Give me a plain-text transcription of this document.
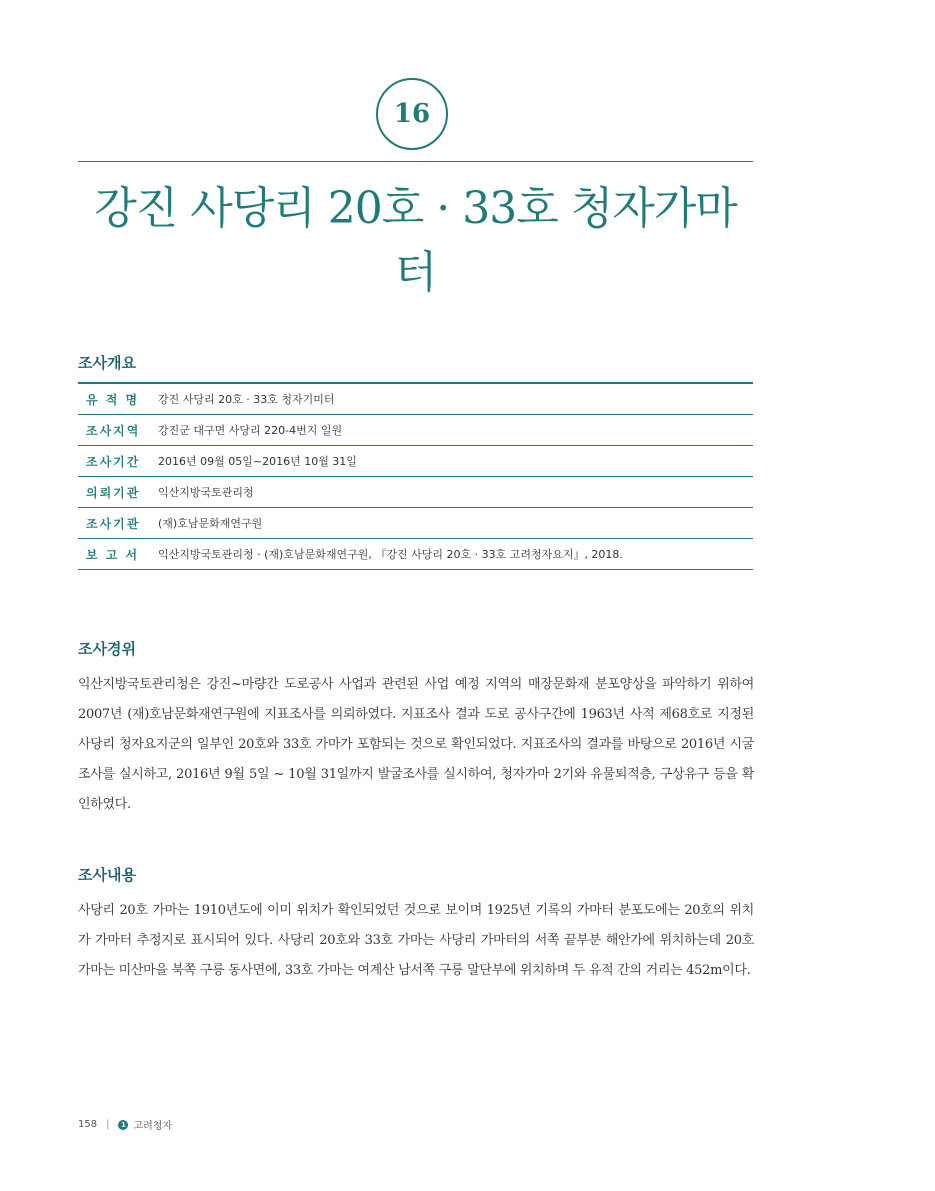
16
강진 사당리 20호 · 33호 청자가마터
조사개요
유 적 명	강진 사당리 20호 · 33호 청자기미터
조사지역	강진군 대구면 사당리 220-4번지 일원
조사기간	2016년 09월 05일~2016년 10월 31일
의뢰기관	익산지방국토관리청
조사기관	(재)호남문화재연구원
보 고 서	익산지방국토관리청 · (재)호남문화재연구원, 『강진 사당리 20호 · 33호 고려청자요지』, 2018.
조사경위
익산지방국토관리청은 강진~마량간 도로공사 사업과 관련된 사업 예정 지역의 매장문화재 분포양상을 파악하기 위하여 2007년 (재)호남문화재연구원에 지표조사를 의뢰하였다. 지표조사 결과 도로 공사구간에 1963년 사적 제68호로 지정된 사당리 청자요지군의 일부인 20호와 33호 가마가 포함되는 것으로 확인되었다. 지표조사의 결과를 바탕으로 2016년 시굴조사를 실시하고, 2016년 9월 5일 ~ 10월 31일까지 발굴조사를 실시하여, 청자가마 2기와 유물퇴적층, 구상유구 등을 확인하였다.
조사내용
사당리 20호 가마는 1910년도에 이미 위치가 확인되었던 것으로 보이며 1925년 기록의 가마터 분포도에는 20호의 위치가 가마터 추정지로 표시되어 있다. 사당리 20호와 33호 가마는 사당리 가마터의 서쪽 끝부분 해안가에 위치하는데 20호 가마는 미산마을 북쪽 구릉 동사면에, 33호 가마는 여계산 남서쪽 구릉 말단부에 위치하며 두 유적 간의 거리는 452m이다.
158 |	1 고려청자
